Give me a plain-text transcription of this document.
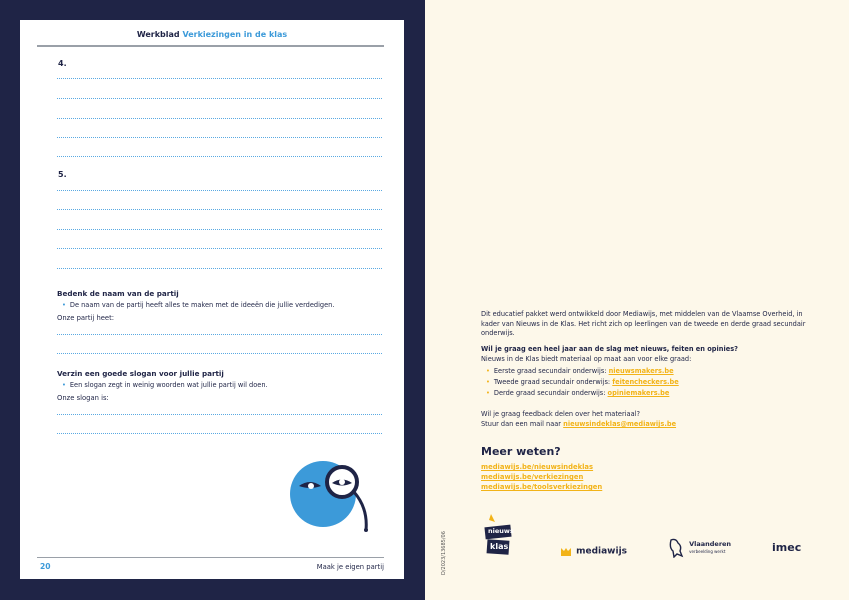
Werkblad Verkiezingen in de klas
4.
5.
Bedenk de naam van de partij
• De naam van de partij heeft alles te maken met de ideeën die jullie verdedigen.
Onze partij heet:
Verzin een goede slogan voor jullie partij
• Een slogan zegt in weinig woorden wat jullie partij wil doen.
Onze slogan is:
20	Maak je eigen partij
Dit educatief pakket werd ontwikkeld door Mediawijs, met middelen van de Vlaamse Overheid, in kader van Nieuws in de Klas. Het richt zich op leerlingen van de tweede en derde graad secundair onderwijs.
Wil je graag een heel jaar aan de slag met nieuws, feiten en opinies?
Nieuws in de Klas biedt materiaal op maat aan voor elke graad:
• Eerste graad secundair onderwijs: nieuwsmakers.be
• Tweede graad secundair onderwijs: feitencheckers.be
• Derde graad secundair onderwijs: opiniemakers.be
Wil je graag feedback delen over het materiaal?
Stuur dan een mail naar nieuwsindeklas@mediawijs.be
Meer weten?
mediawijs.be/nieuwsindeklas
mediawijs.be/verkiezingen
mediawijs.be/toolsverkiezingen
D/2023/13685/06
nieuws
klas	mediawijs

Vlaanderen
verbeelding werkt	imec
